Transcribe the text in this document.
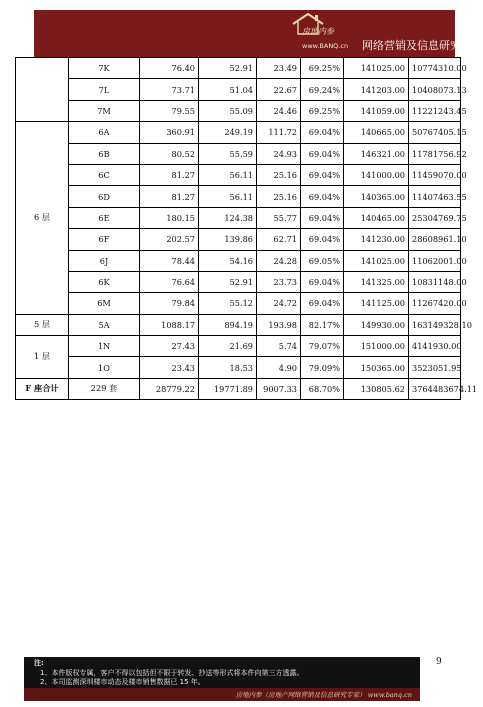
房地内参
www.BANQ.cn 网络营销及信息研究专家
	7K	76.40	52.91	23.49	69.25%	141025.00	10774310.00
	7L	73.71	51.04	22.67	69.24%	141203.00	10408073.13
	7M	79.55	55.09	24.46	69.25%	141059.00	11221243.45
6 层	6A	360.91	249.19	111.72	69.04%	140665.00	50767405.15
	6B	80.52	55.59	24.93	69.04%	146321.00	11781756.92
	6C	81.27	56.11	25.16	69.04%	141000.00	11459070.00
	6D	81.27	56.11	25.16	69.04%	140365.00	11407463.55
	6E	180.15	124.38	55.77	69.04%	140465.00	25304769.75
	6F	202.57	139.86	62.71	69.04%	141230.00	28608961.10
	6J	78.44	54.16	24.28	69.05%	141025.00	11062001.00
	6K	76.64	52.91	23.73	69.04%	141325.00	10831148.00
	6M	79.84	55.12	24.72	69.04%	141125.00	11267420.00
5 层	5A	1088.17	894.19	193.98	82.17%	149930.00	163149328.10
1 层	1N	27.43	21.69	5.74	79.07%	151000.00	4141930.00
	1O	23.43	18.53	4.90	79.09%	150365.00	3523051.95
F 座合计	229 套	28779.22	19771.89	9007.33	68.70%	130805.62	3764483674.11
9
注:
1、本件版权专属，客户不得以包括但不限于转发、抄送等形式将本件向第三方透露。
2、本司监测深圳楼市动态及楼市销售数据已 15 年。
房地内参（房地产网络营销及信息研究专家） www.banq.cn
